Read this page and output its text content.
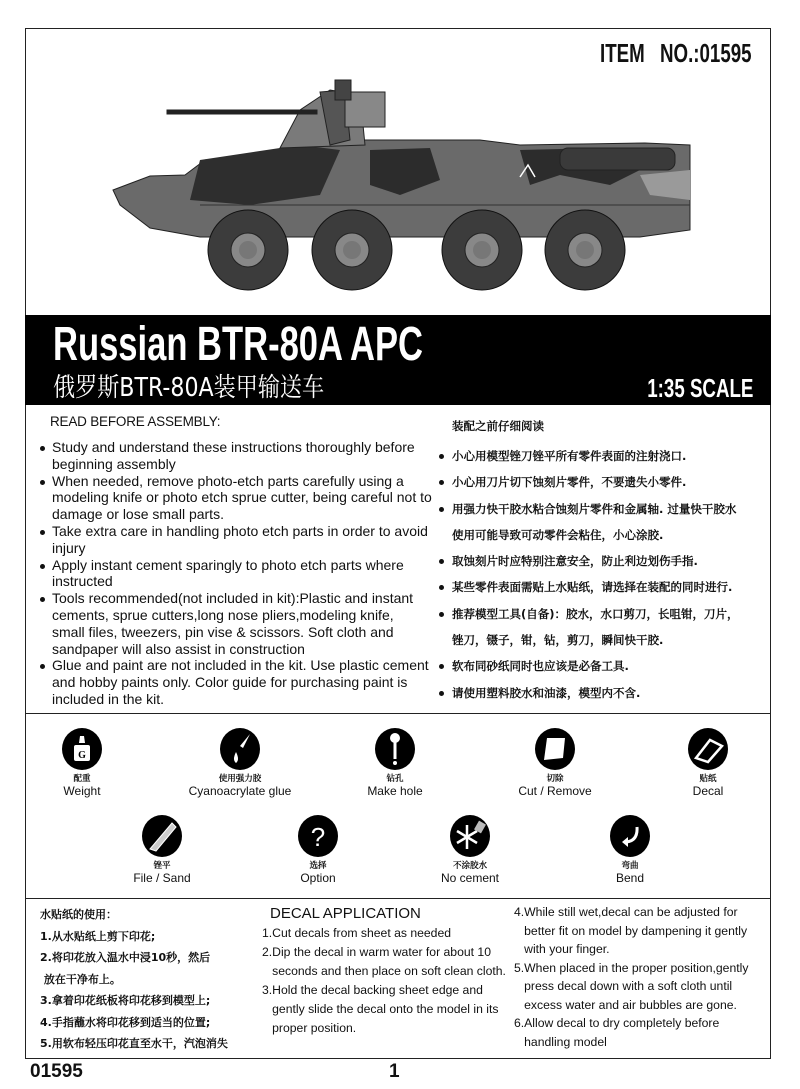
ITEM NO.:01595
Russian BTR-80A APC
俄罗斯BTR-80A装甲输送车	1:35 SCALE
READ BEFORE ASSEMBLY:
Study and understand these instructions thoroughly before
beginning assembly
When needed, remove photo-etch parts carefully using a
modeling knife or photo etch sprue cutter, being careful not to
damage or lose small parts.
Take extra care in handling photo etch parts in order to avoid
injury
Apply instant cement sparingly to photo etch parts where
instructed
Tools recommended(not included in kit):Plastic and instant
cements, sprue cutters,long nose pliers,modeling knife,
small files, tweezers, pin vise & scissors. Soft cloth and
sandpaper will also assist in construction
Glue and paint are not included in the kit. Use plastic cement
and hobby paints only. Color guide for purchasing paint is
included in the kit.
装配之前仔细阅读
小心用模型锉刀锉平所有零件表面的注射浇口.
小心用刀片切下蚀刻片零件，不要遗失小零件.
用强力快干胶水粘合蚀刻片零件和金属轴. 过量快干胶水
使用可能导致可动零件会粘住，小心涂胶.
取蚀刻片时应特别注意安全，防止利边划伤手指.
某些零件表面需贴上水贴纸，请选择在装配的同时进行.
推荐模型工具(自备)：胶水，水口剪刀，长咀钳，刀片，
锉刀，镊子，钳，钻，剪刀，瞬间快干胶.
软布同砂纸同时也应该是必备工具.
请使用塑料胶水和油漆，模型内不含.
G
配重
Weight
使用强力胶
Cyanoacrylate glue
钻孔
Make hole
切除
Cut / Remove
贴纸
Decal
锉平
File / Sand
?
选择
Option
不涂胶水
No cement
弯曲
Bend
水贴纸的使用：
1.从水贴纸上剪下印花;
2.将印花放入温水中浸10秒，然后
放在干净布上。
3.拿着印花纸板将印花移到模型上;
4.手指蘸水将印花移到适当的位置;
5.用软布轻压印花直至水干，汽泡消失
DECAL APPLICATION
1.Cut decals from sheet as needed
2.Dip the decal in warm water for about 10
seconds and then place on soft clean cloth.
3.Hold the decal backing sheet edge and
gently slide the decal onto the model in its
proper position.
4.While still wet,decal can be adjusted for
better fit on model by dampening it gently
with your finger.
5.When placed in the proper position,gently
press decal down with a soft cloth until
excess water and air bubbles are gone.
6.Allow decal to dry completely before
handling model
01595	1
